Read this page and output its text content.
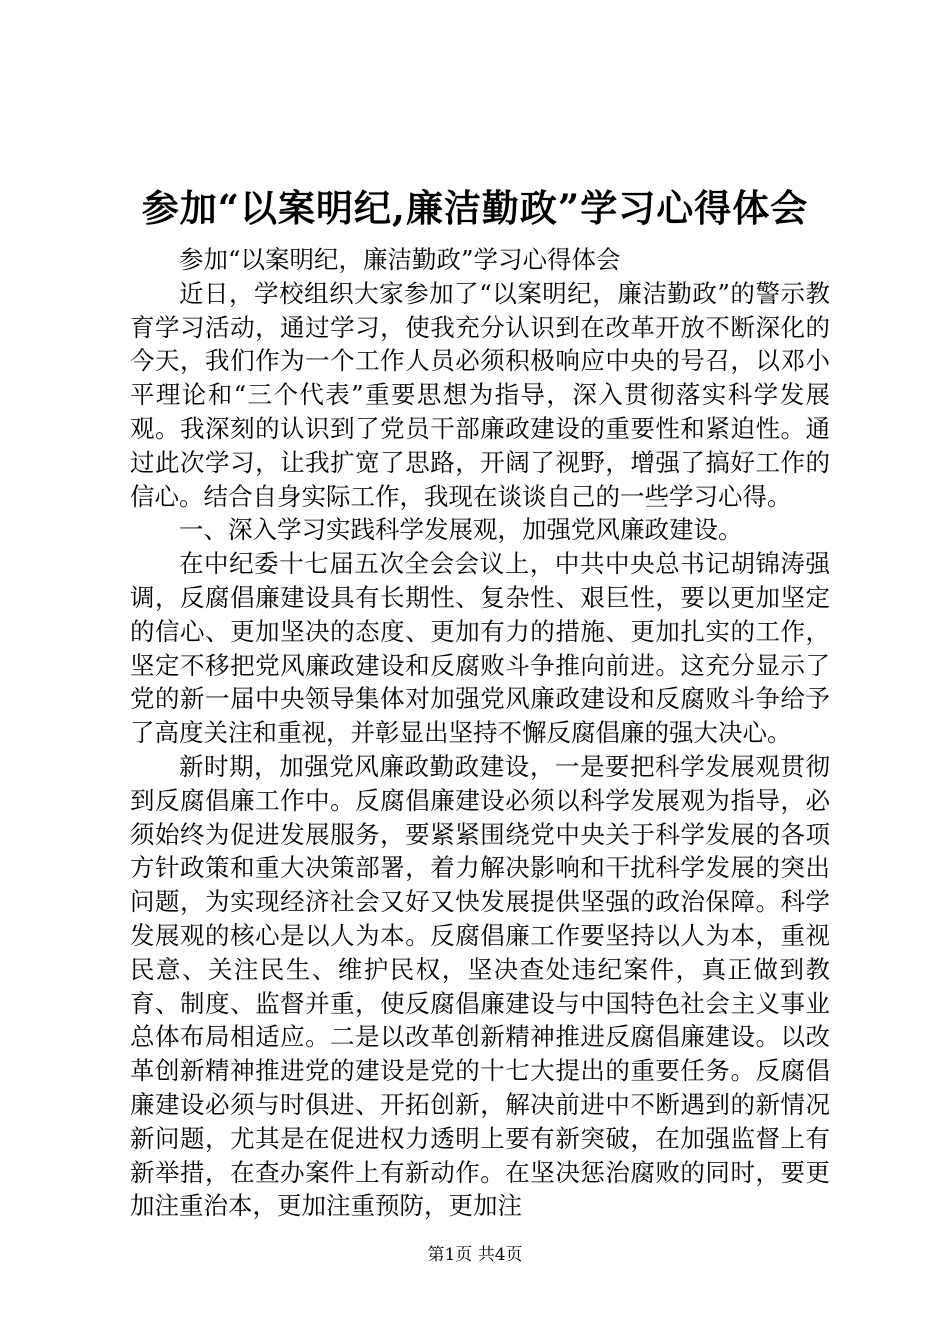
参加“以案明纪,廉洁勤政”学习心得体会

参加“以案明纪，廉洁勤政”学习心得体会

近日，学校组织大家参加了“以案明纪，廉洁勤政”的警示教育学习活动，通过学习，使我充分认识到在改革开放不断深化的今天，我们作为一个工作人员必须积极响应中央的号召，以邓小平理论和“三个代表”重要思想为指导，深入贯彻落实科学发展观。我深刻的认识到了党员干部廉政建设的重要性和紧迫性。通过此次学习，让我扩宽了思路，开阔了视野，增强了搞好工作的信心。结合自身实际工作，我现在谈谈自己的一些学习心得。

一、深入学习实践科学发展观，加强党风廉政建设。

在中纪委十七届五次全会会议上，中共中央总书记胡锦涛强调，反腐倡廉建设具有长期性、复杂性、艰巨性，要以更加坚定的信心、更加坚决的态度、更加有力的措施、更加扎实的工作，坚定不移把党风廉政建设和反腐败斗争推向前进。这充分显示了党的新一届中央领导集体对加强党风廉政建设和反腐败斗争给予了高度关注和重视，并彰显出坚持不懈反腐倡廉的强大决心。

新时期，加强党风廉政勤政建设，一是要把科学发展观贯彻到反腐倡廉工作中。反腐倡廉建设必须以科学发展观为指导，必须始终为促进发展服务，要紧紧围绕党中央关于科学发展的各项方针政策和重大决策部署，着力解决影响和干扰科学发展的突出问题，为实现经济社会又好又快发展提供坚强的政治保障。科学发展观的核心是以人为本。反腐倡廉工作要坚持以人为本，重视民意、关注民生、维护民权，坚决查处违纪案件，真正做到教育、制度、监督并重，使反腐倡廉建设与中国特色社会主义事业总体布局相适应。二是以改革创新精神推进反腐倡廉建设。以改革创新精神推进党的建设是党的十七大提出的重要任务。反腐倡廉建设必须与时俱进、开拓创新，解决前进中不断遇到的新情况新问题，尤其是在促进权力透明上要有新突破，在加强监督上有新举措，在查办案件上有新动作。在坚决惩治腐败的同时，要更加注重治本，更加注重预防，更加注

第1页 共4页
